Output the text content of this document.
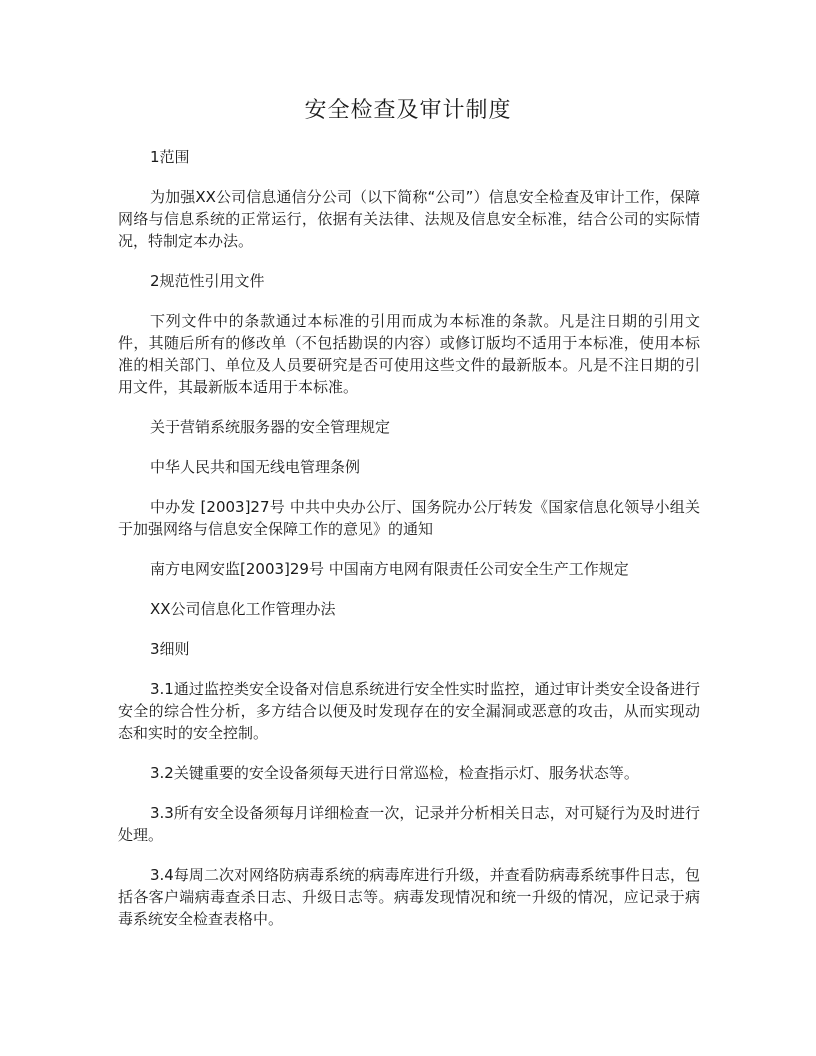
安全检查及审计制度

1范围

为加强XX公司信息通信分公司（以下简称“公司”）信息安全检查及审计工作，保障网络与信息系统的正常运行，依据有关法律、法规及信息安全标准，结合公司的实际情况，特制定本办法。

2规范性引用文件

下列文件中的条款通过本标准的引用而成为本标准的条款。凡是注日期的引用文件，其随后所有的修改单（不包括勘误的内容）或修订版均不适用于本标准，使用本标准的相关部门、单位及人员要研究是否可使用这些文件的最新版本。凡是不注日期的引用文件，其最新版本适用于本标准。

关于营销系统服务器的安全管理规定

中华人民共和国无线电管理条例

中办发 [2003]27号 中共中央办公厅、国务院办公厅转发《国家信息化领导小组关于加强网络与信息安全保障工作的意见》的通知

南方电网安监[2003]29号 中国南方电网有限责任公司安全生产工作规定

XX公司信息化工作管理办法

3细则

3.1通过监控类安全设备对信息系统进行安全性实时监控，通过审计类安全设备进行安全的综合性分析，多方结合以便及时发现存在的安全漏洞或恶意的攻击，从而实现动态和实时的安全控制。

3.2关键重要的安全设备须每天进行日常巡检，检查指示灯、服务状态等。

3.3所有安全设备须每月详细检查一次，记录并分析相关日志，对可疑行为及时进行处理。

3.4每周二次对网络防病毒系统的病毒库进行升级，并查看防病毒系统事件日志，包括各客户端病毒查杀日志、升级日志等。病毒发现情况和统一升级的情况，应记录于病毒系统安全检查表格中。
